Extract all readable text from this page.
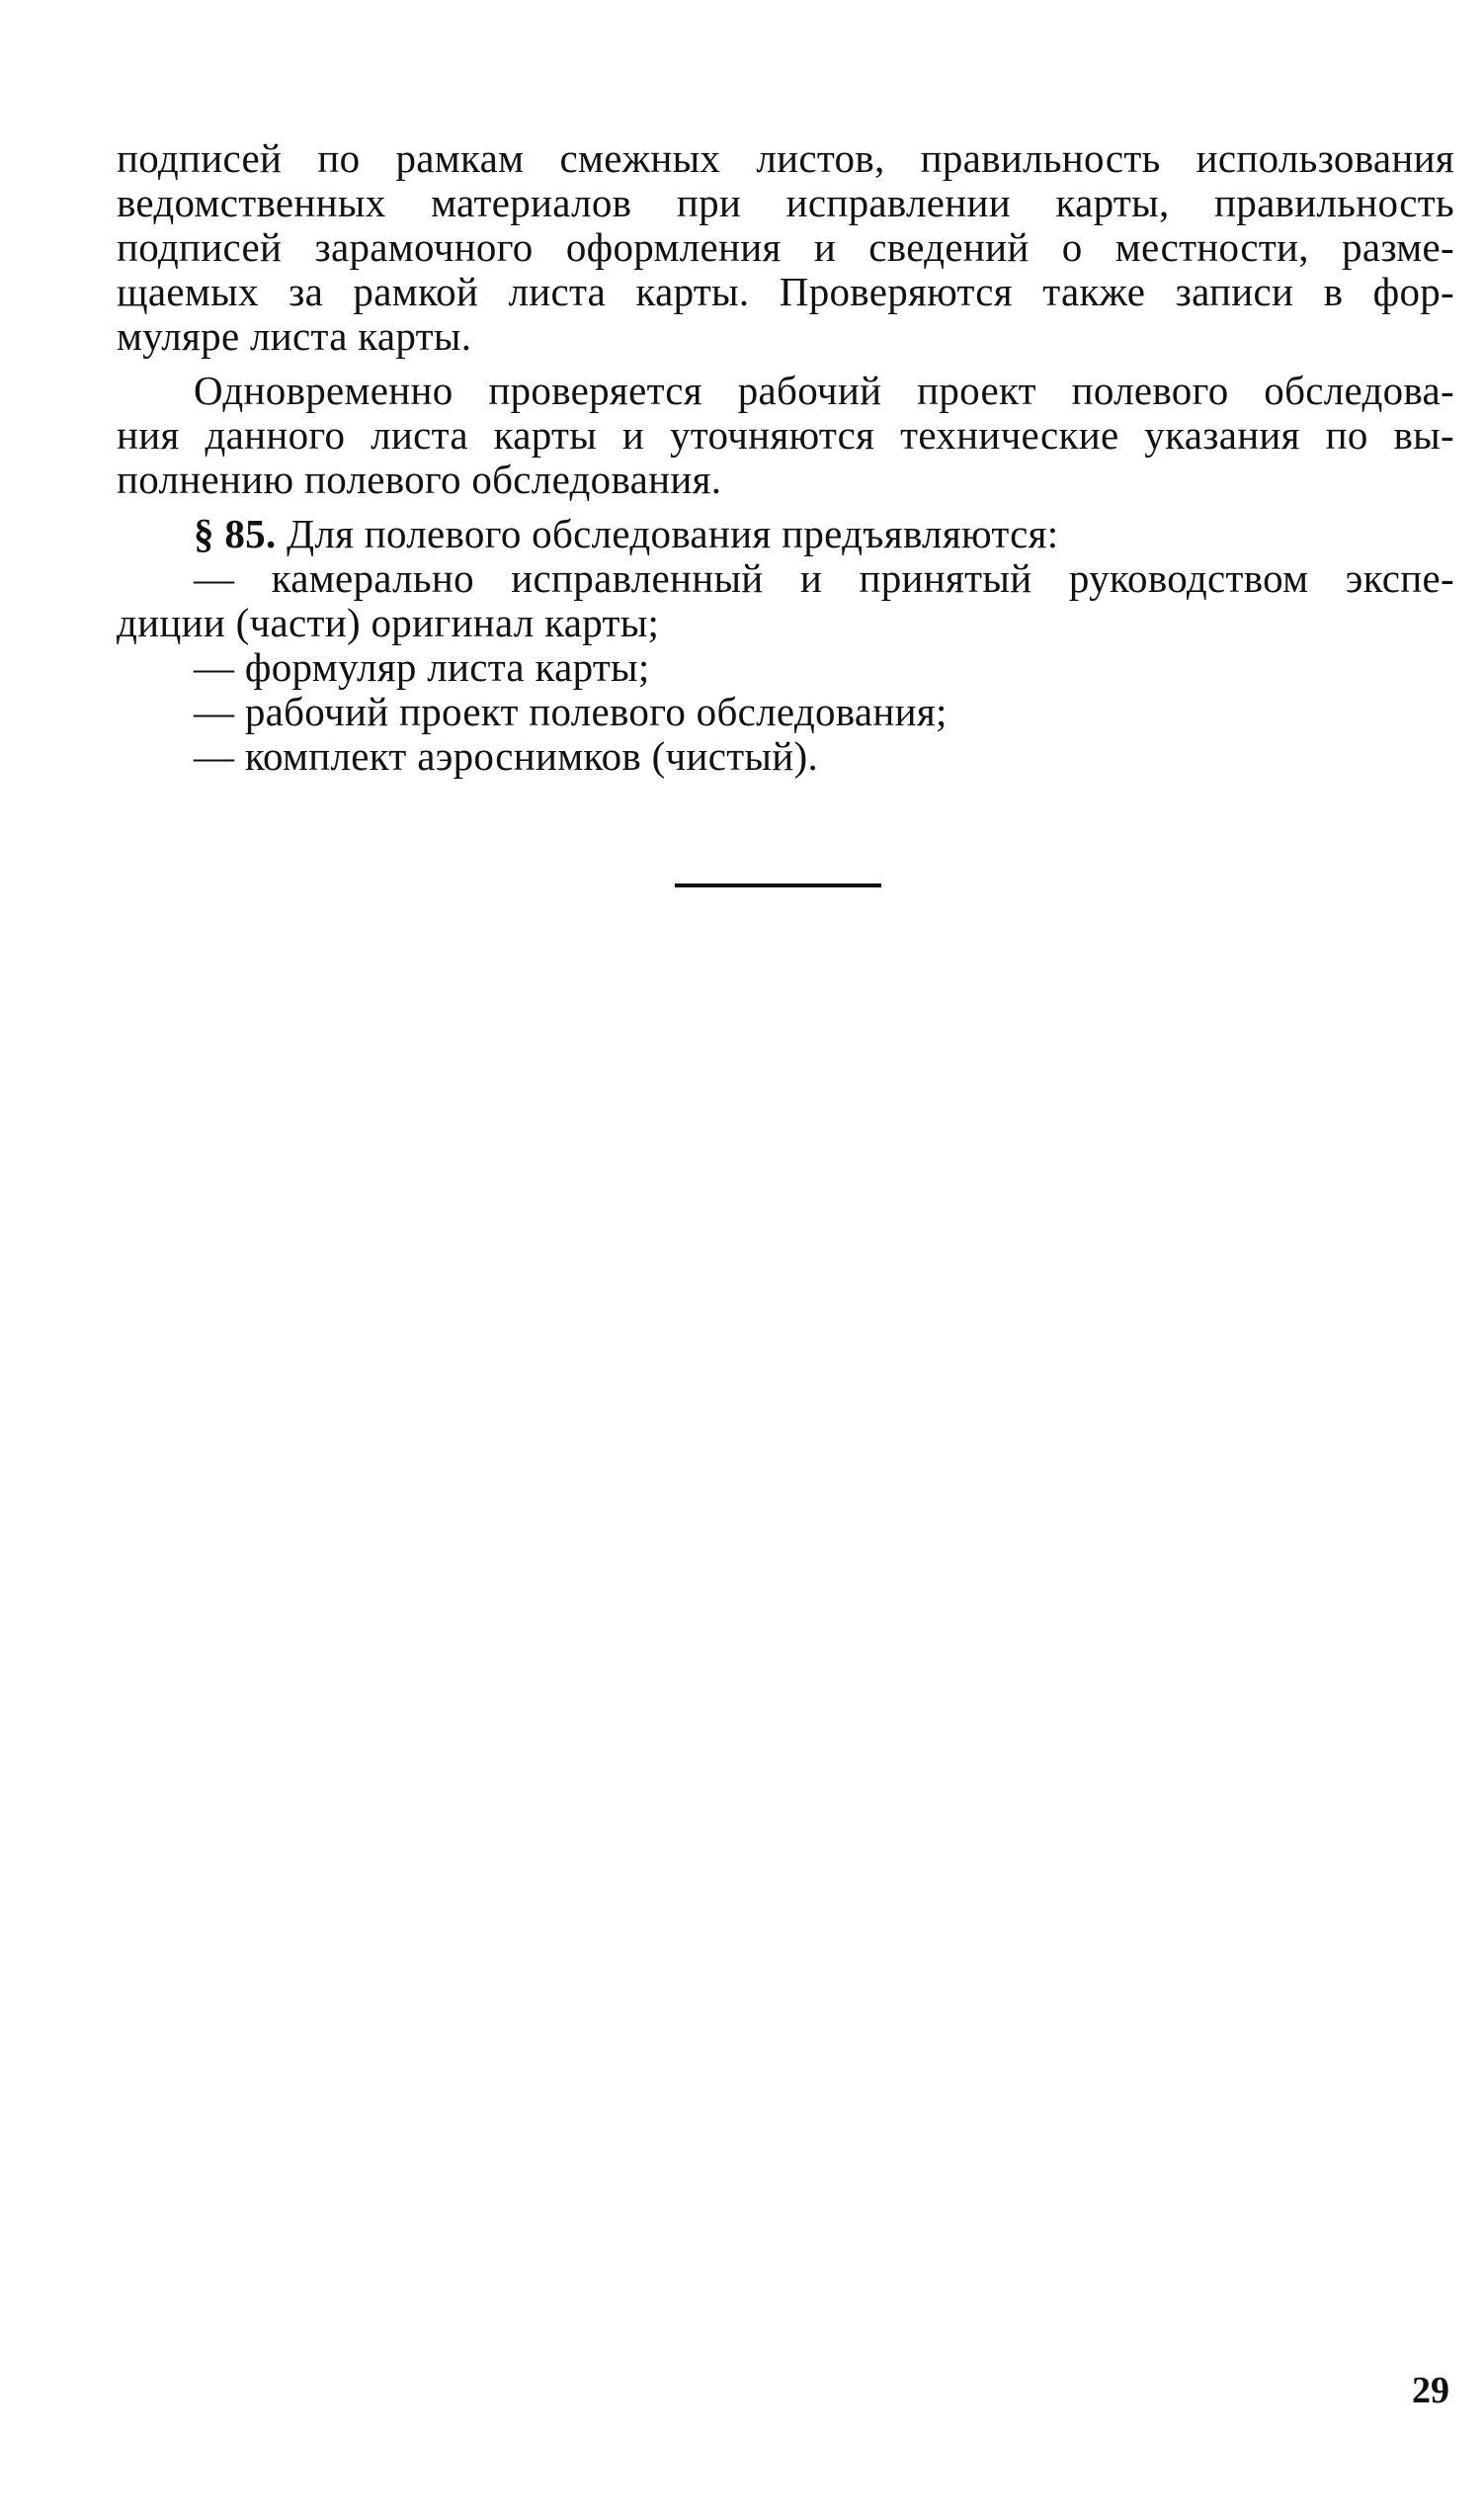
подписей по рамкам смежных листов, правильность использования
ведомственных материалов при исправлении карты, правильность
подписей зарамочного оформления и сведений о местности, разме-
щаемых за рамкой листа карты. Проверяются также записи в фор-
муляре листа карты.
Одновременно проверяется рабочий проект полевого обследова-
ния данного листа карты и уточняются технические указания по вы-
полнению полевого обследования.
§ 85. Для полевого обследования предъявляются:
— камерально исправленный и принятый руководством экспе-
диции (части) оригинал карты;
— формуляр листа карты;
— рабочий проект полевого обследования;
— комплект аэроснимков (чистый).
29
